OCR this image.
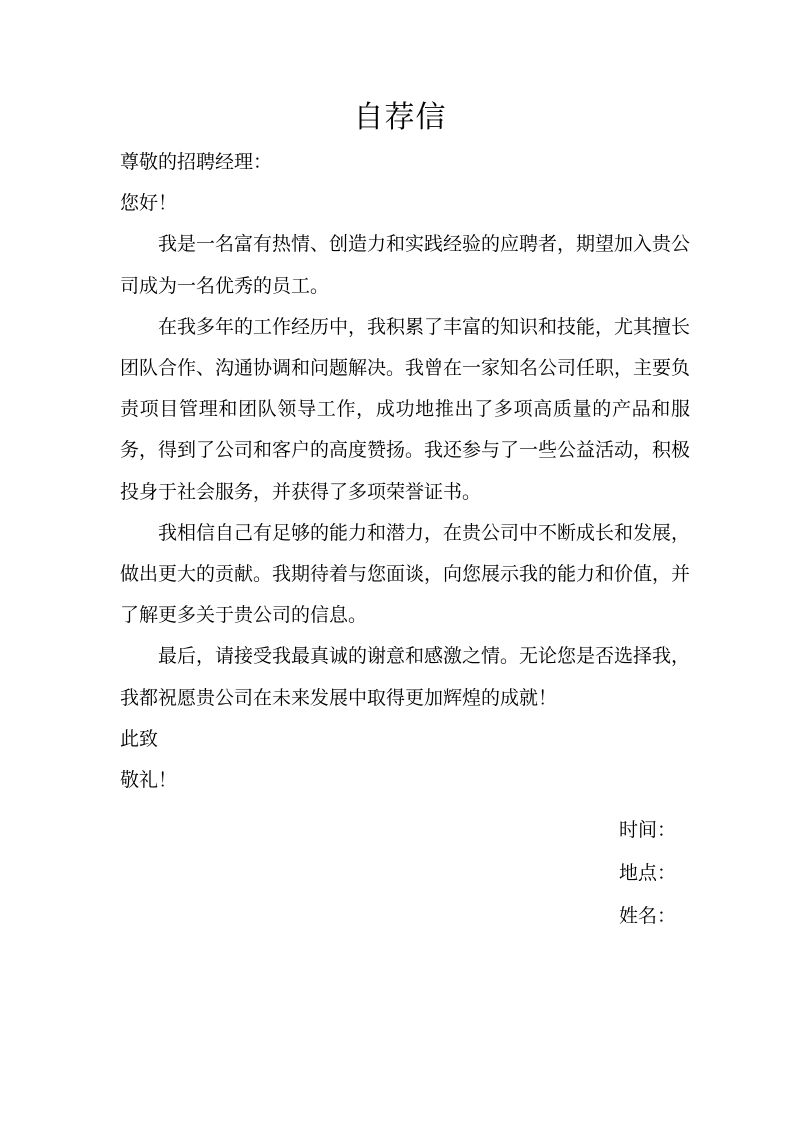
自荐信

尊敬的招聘经理：

您好！

我是一名富有热情、创造力和实践经验的应聘者，期望加入贵公司成为一名优秀的员工。

在我多年的工作经历中，我积累了丰富的知识和技能，尤其擅长团队合作、沟通协调和问题解决。我曾在一家知名公司任职，主要负责项目管理和团队领导工作，成功地推出了多项高质量的产品和服务，得到了公司和客户的高度赞扬。我还参与了一些公益活动，积极投身于社会服务，并获得了多项荣誉证书。

我相信自己有足够的能力和潜力，在贵公司中不断成长和发展，做出更大的贡献。我期待着与您面谈，向您展示我的能力和价值，并了解更多关于贵公司的信息。

最后，请接受我最真诚的谢意和感激之情。无论您是否选择我，我都祝愿贵公司在未来发展中取得更加辉煌的成就！

此致

敬礼！

时间：

地点：

姓名：
